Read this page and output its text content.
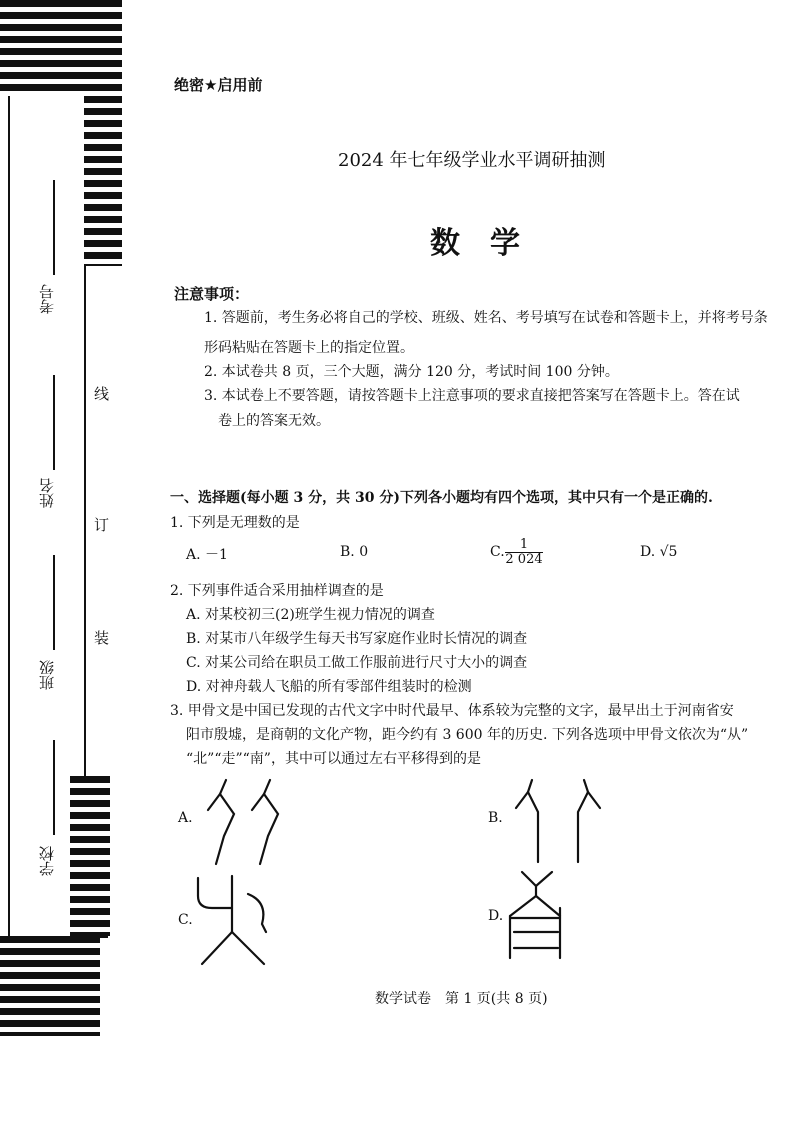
考号
姓名
班级
学校
线
订
装
绝密★启用前
2024 年七年级学业水平调研抽测
数　学
注意事项：
1. 答题前，考生务必将自己的学校、班级、姓名、考号填写在试卷和答题卡上，并将考号条
形码粘贴在答题卡上的指定位置。
2. 本试卷共 8 页，三个大题，满分 120 分，考试时间 100 分钟。
3. 本试卷上不要答题，请按答题卡上注意事项的要求直接把答案写在答题卡上。答在试
卷上的答案无效。
一、选择题(每小题 3 分，共 30 分)下列各小题均有四个选项，其中只有一个是正确的.
1. 下列是无理数的是
A. －1	B. 0	C. $\frac{1}{2 024}$	D. √5
2. 下列事件适合采用抽样调查的是
A. 对某校初三(2)班学生视力情况的调查
B. 对某市八年级学生每天书写家庭作业时长情况的调查
C. 对某公司给在职员工做工作服前进行尺寸大小的调查
D. 对神舟载人飞船的所有零部件组装时的检测
3. 甲骨文是中国已发现的古代文字中时代最早、体系较为完整的文字，最早出土于河南省安
阳市殷墟，是商朝的文化产物，距今约有 3 600 年的历史. 下列各选项中甲骨文依次为“从”
“北”“走”“南”，其中可以通过左右平移得到的是
A.	B.
C.	D.
数学试卷　第 1 页(共 8 页)
